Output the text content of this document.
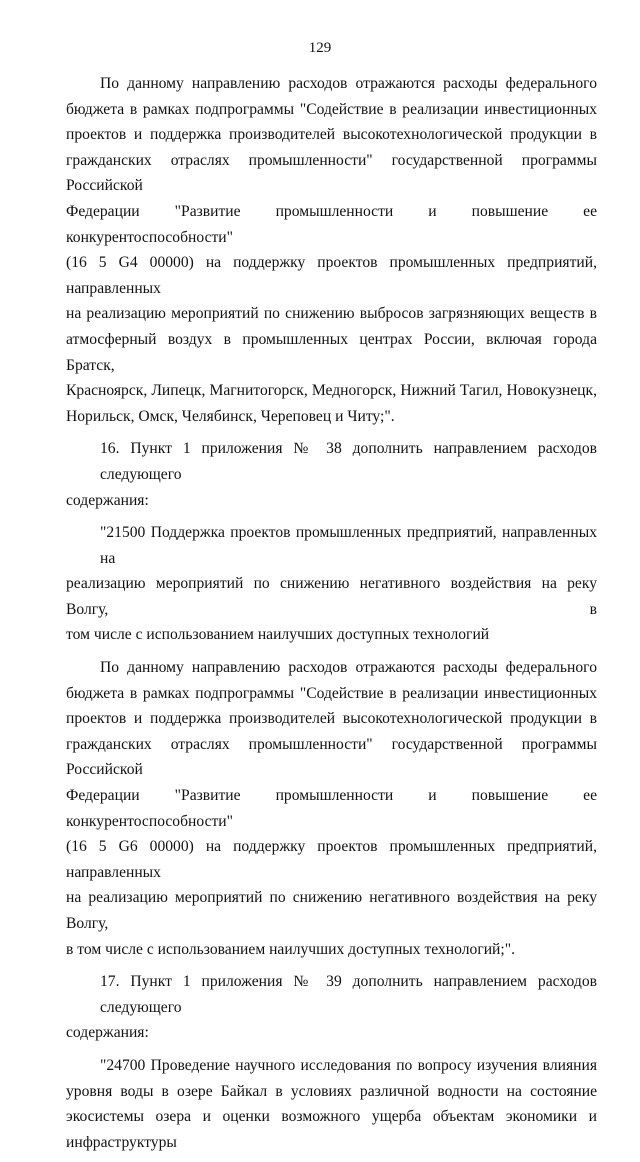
129
По данному направлению расходов отражаются расходы федерального
бюджета в рамках подпрограммы "Содействие в реализации инвестиционных
проектов и поддержка производителей высокотехнологической продукции в
гражданских отраслях промышленности" государственной программы Российской
Федерации "Развитие промышленности и повышение ее конкурентоспособности"
(16 5 G4 00000) на поддержку проектов промышленных предприятий, направленных
на реализацию мероприятий по снижению выбросов загрязняющих веществ в
атмосферный воздух в промышленных центрах России, включая города Братск,
Красноярск, Липецк, Магнитогорск, Медногорск, Нижний Тагил, Новокузнецк,
Норильск, Омск, Челябинск, Череповец и Читу;".
16. Пункт 1 приложения № 38 дополнить направлением расходов следующего
содержания:
"21500 Поддержка проектов промышленных предприятий, направленных на
реализацию мероприятий по снижению негативного воздействия на реку Волгу, в
том числе с использованием наилучших доступных технологий
По данному направлению расходов отражаются расходы федерального
бюджета в рамках подпрограммы "Содействие в реализации инвестиционных
проектов и поддержка производителей высокотехнологической продукции в
гражданских отраслях промышленности" государственной программы Российской
Федерации "Развитие промышленности и повышение ее конкурентоспособности"
(16 5 G6 00000) на поддержку проектов промышленных предприятий, направленных
на реализацию мероприятий по снижению негативного воздействия на реку Волгу,
в том числе с использованием наилучших доступных технологий;".
17. Пункт 1 приложения № 39 дополнить направлением расходов следующего
содержания:
"24700 Проведение научного исследования по вопросу изучения влияния
уровня воды в озере Байкал в условиях различной водности на состояние
экосистемы озера и оценки возможного ущерба объектам экономики и
инфраструктуры
